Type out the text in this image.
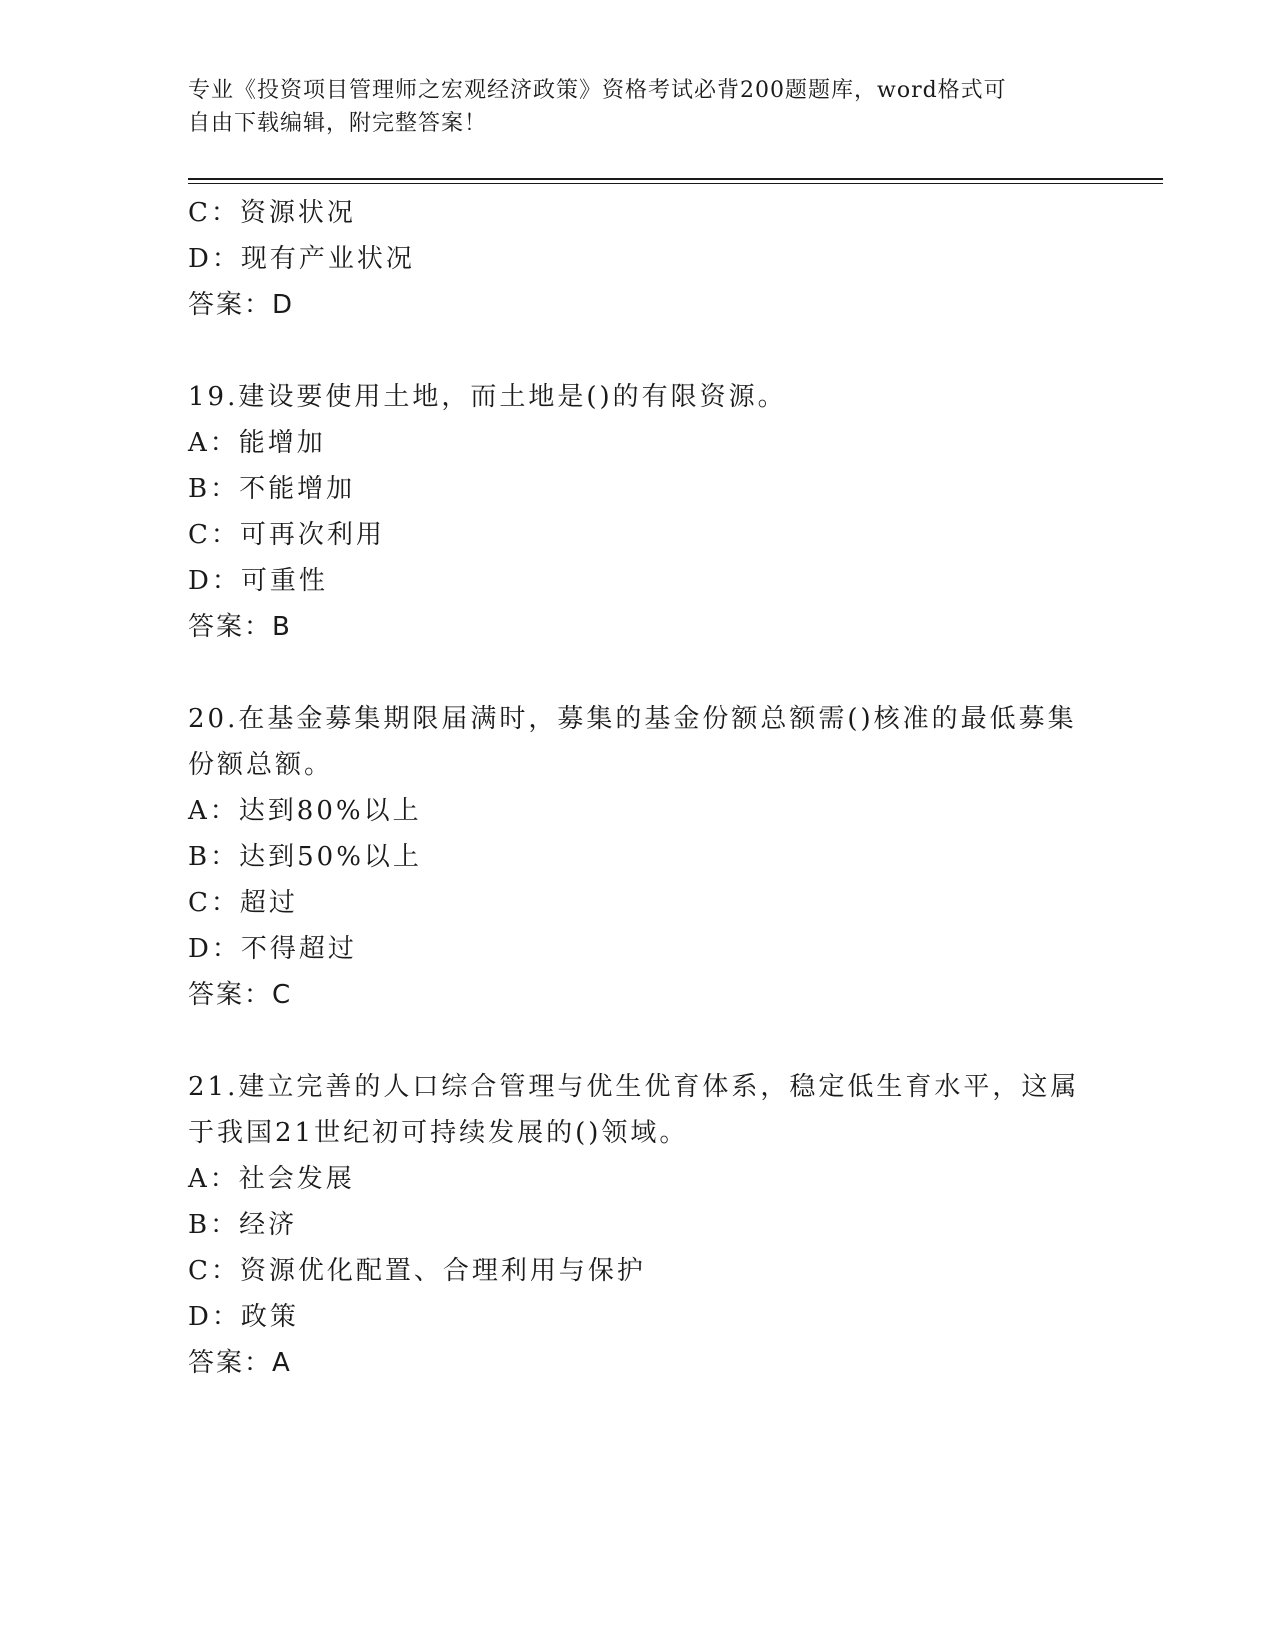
专业《投资项目管理师之宏观经济政策》资格考试必背200题题库，word格式可
自由下载编辑，附完整答案！
C：资源状况
D：现有产业状况
答案：D
19.建设要使用土地，而土地是()的有限资源。
A：能增加
B：不能增加
C：可再次利用
D：可重性
答案：B
20.在基金募集期限届满时，募集的基金份额总额需()核准的最低募集
份额总额。
A：达到80%以上
B：达到50%以上
C：超过
D：不得超过
答案：C
21.建立完善的人口综合管理与优生优育体系，稳定低生育水平，这属
于我国21世纪初可持续发展的()领域。
A：社会发展
B：经济
C：资源优化配置、合理利用与保护
D：政策
答案：A
